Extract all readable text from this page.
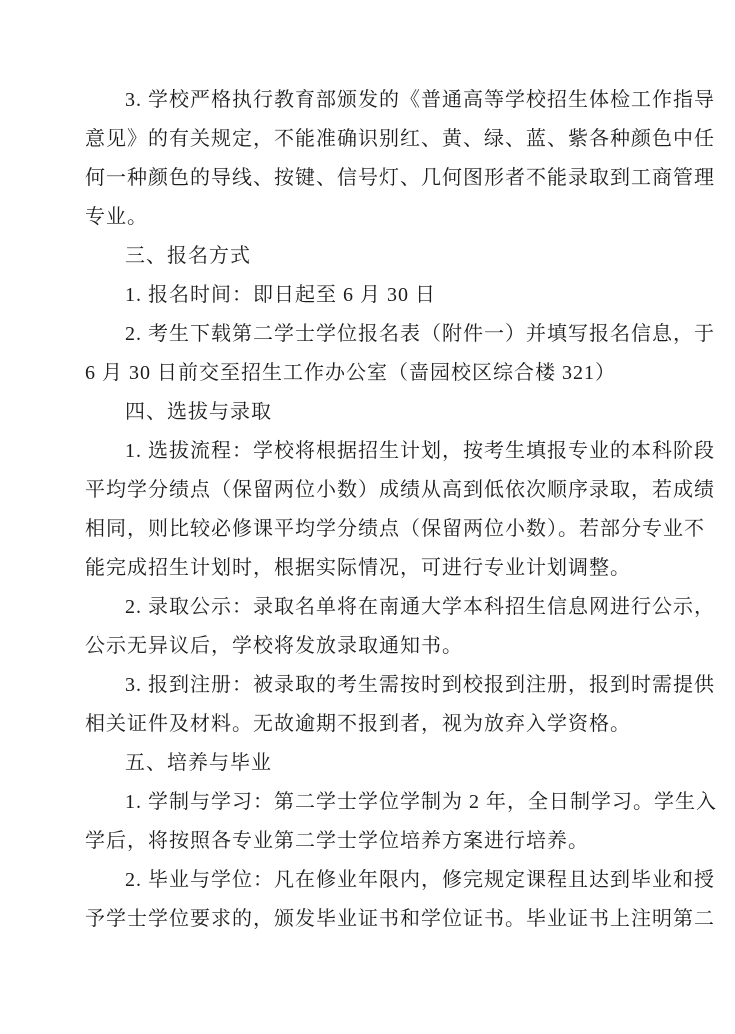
3. 学校严格执行教育部颁发的《普通高等学校招生体检工作指导
意见》的有关规定，不能准确识别红、黄、绿、蓝、紫各种颜色中任
何一种颜色的导线、按键、信号灯、几何图形者不能录取到工商管理
专业。
三、报名方式
1. 报名时间：即日起至 6 月 30 日
2. 考生下载第二学士学位报名表（附件一）并填写报名信息，于
6 月 30 日前交至招生工作办公室（啬园校区综合楼 321）
四、选拔与录取
1. 选拔流程：学校将根据招生计划，按考生填报专业的本科阶段
平均学分绩点（保留两位小数）成绩从高到低依次顺序录取，若成绩
相同，则比较必修课平均学分绩点（保留两位小数）。若部分专业不
能完成招生计划时，根据实际情况，可进行专业计划调整。
2. 录取公示：录取名单将在南通大学本科招生信息网进行公示，
公示无异议后，学校将发放录取通知书。
3. 报到注册：被录取的考生需按时到校报到注册，报到时需提供
相关证件及材料。无故逾期不报到者，视为放弃入学资格。
五、培养与毕业
1. 学制与学习：第二学士学位学制为 2 年，全日制学习。学生入
学后，将按照各专业第二学士学位培养方案进行培养。
2. 毕业与学位：凡在修业年限内，修完规定课程且达到毕业和授
予学士学位要求的，颁发毕业证书和学位证书。毕业证书上注明第二
